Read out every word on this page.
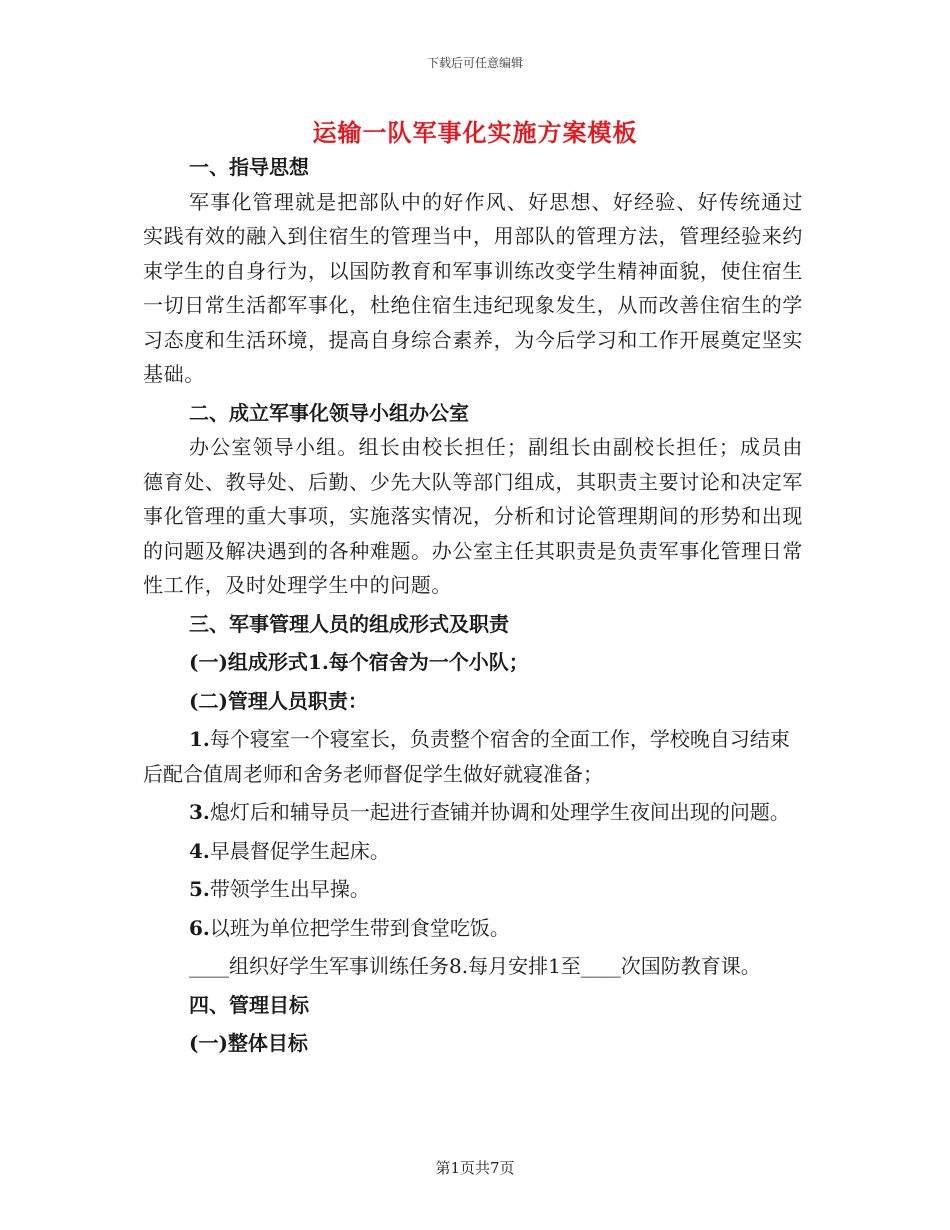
下载后可任意编辑
运输一队军事化实施方案模板
一、指导思想

军事化管理就是把部队中的好作风、好思想、好经验、好传统通过实践有效的融入到住宿生的管理当中，用部队的管理方法，管理经验来约束学生的自身行为，以国防教育和军事训练改变学生精神面貌，使住宿生一切日常生活都军事化，杜绝住宿生违纪现象发生，从而改善住宿生的学习态度和生活环境，提高自身综合素养，为今后学习和工作开展奠定坚实基础。

二、成立军事化领导小组办公室

办公室领导小组。组长由校长担任；副组长由副校长担任；成员由德育处、教导处、后勤、少先大队等部门组成，其职责主要讨论和决定军事化管理的重大事项，实施落实情况，分析和讨论管理期间的形势和出现的问题及解决遇到的各种难题。办公室主任其职责是负责军事化管理日常性工作，及时处理学生中的问题。

三、军事管理人员的组成形式及职责
(一)组成形式1.每个宿舍为一个小队；
(二)管理人员职责：
1.每个寝室一个寝室长，负责整个宿舍的全面工作，学校晚自习结束后配合值周老师和舍务老师督促学生做好就寝准备；
3.熄灯后和辅导员一起进行查铺并协调和处理学生夜间出现的问题。
4.早晨督促学生起床。
5.带领学生出早操。
6.以班为单位把学生带到食堂吃饭。
____组织好学生军事训练任务8.每月安排1至____次国防教育课。
四、管理目标
(一)整体目标
第1页共7页
